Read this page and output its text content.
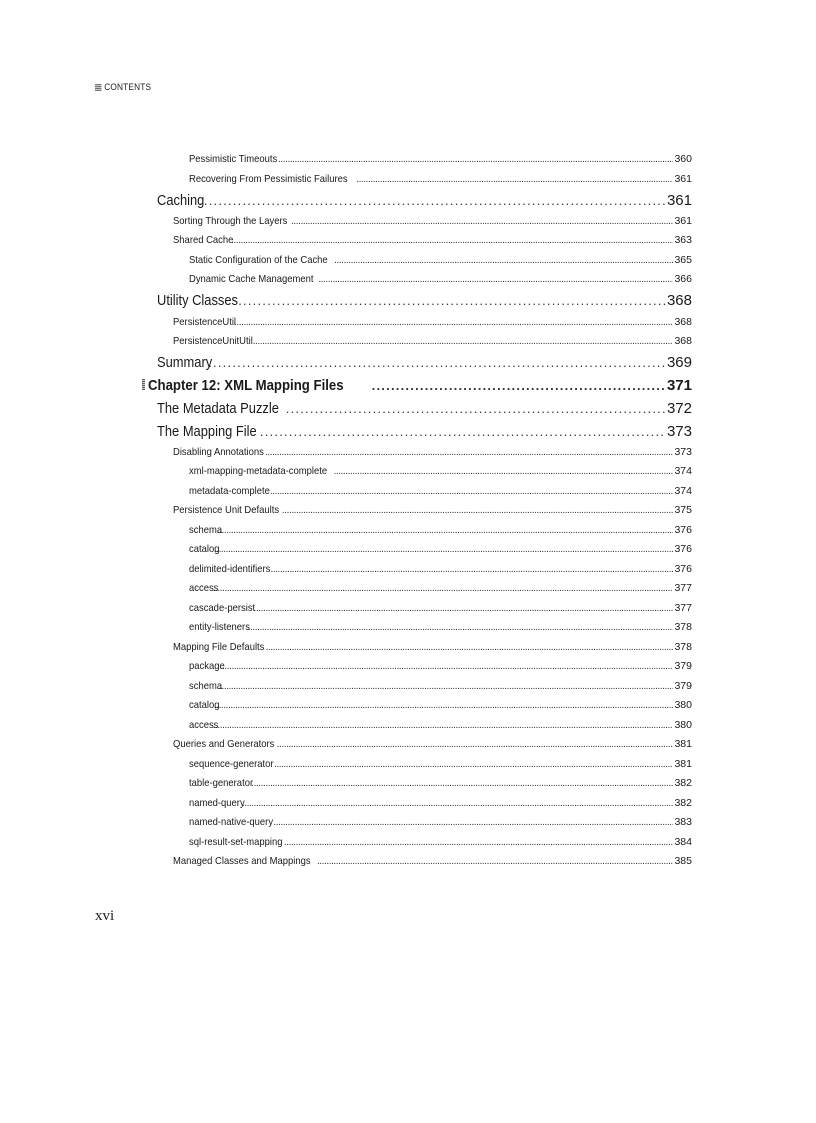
CONTENTS
Pessimistic Timeouts . . .	360
Recovering From Pessimistic Failures . . .	361
Caching . . .	361
Sorting Through the Layers . . .	361
Shared Cache . . .	363
Static Configuration of the Cache . . .	365
Dynamic Cache Management . . .	366
Utility Classes . . .	368
PersistenceUtil . . .	368
PersistenceUnitUtil . . .	368
Summary . . .	369
Chapter 12: XML Mapping Files . . .	371
The Metadata Puzzle . . .	372
The Mapping File . . .	373
Disabling Annotations . . .	373
xml-mapping-metadata-complete . . .	374
metadata-complete . . .	374
Persistence Unit Defaults . . .	375
schema . . .	376
catalog . . .	376
delimited-identifiers . . .	376
access . . .	377
cascade-persist . . .	377
entity-listeners . . .	378
Mapping File Defaults . . .	378
package . . .	379
schema . . .	379
catalog . . .	380
access . . .	380
Queries and Generators . . .	381
sequence-generator . . .	381
table-generator . . .	382
named-query . . .	382
named-native-query . . .	383
sql-result-set-mapping . . .	384
Managed Classes and Mappings . . .	385
xvi
